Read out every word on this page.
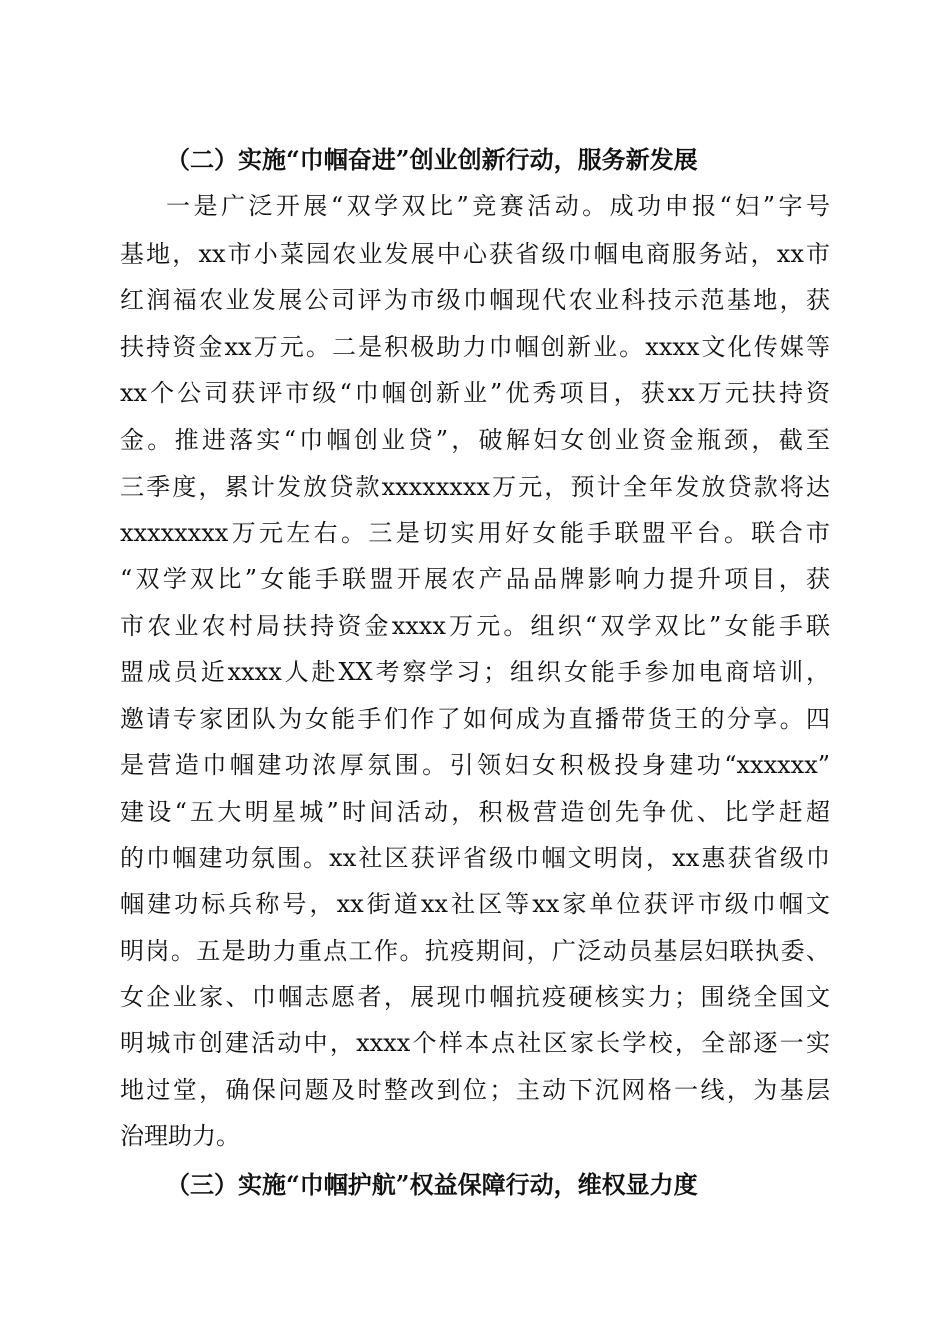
（二）实施“巾帼奋进”创业创新行动，服务新发展
一是广泛开展“双学双比”竞赛活动。成功申报“妇”字号
基地，xx市小菜园农业发展中心获省级巾帼电商服务站，xx市
红润福农业发展公司评为市级巾帼现代农业科技示范基地，获
扶持资金xx万元。二是积极助力巾帼创新业。xxxx文化传媒等
xx个公司获评市级“巾帼创新业”优秀项目，获xx万元扶持资
金。推进落实“巾帼创业贷”，破解妇女创业资金瓶颈，截至
三季度，累计发放贷款xxxxxxxx万元，预计全年发放贷款将达
xxxxxxxx万元左右。三是切实用好女能手联盟平台。联合市
“双学双比”女能手联盟开展农产品品牌影响力提升项目，获
市农业农村局扶持资金xxxx万元。组织“双学双比”女能手联
盟成员近xxxx人赴XX考察学习；组织女能手参加电商培训，
邀请专家团队为女能手们作了如何成为直播带货王的分享。四
是营造巾帼建功浓厚氛围。引领妇女积极投身建功“xxxxxx”
建设“五大明星城”时间活动，积极营造创先争优、比学赶超
的巾帼建功氛围。xx社区获评省级巾帼文明岗，xx惠获省级巾
帼建功标兵称号，xx街道xx社区等xx家单位获评市级巾帼文
明岗。五是助力重点工作。抗疫期间，广泛动员基层妇联执委、
女企业家、巾帼志愿者，展现巾帼抗疫硬核实力；围绕全国文
明城市创建活动中，xxxx个样本点社区家长学校，全部逐一实
地过堂，确保问题及时整改到位；主动下沉网格一线，为基层
治理助力。
（三）实施“巾帼护航”权益保障行动，维权显力度
